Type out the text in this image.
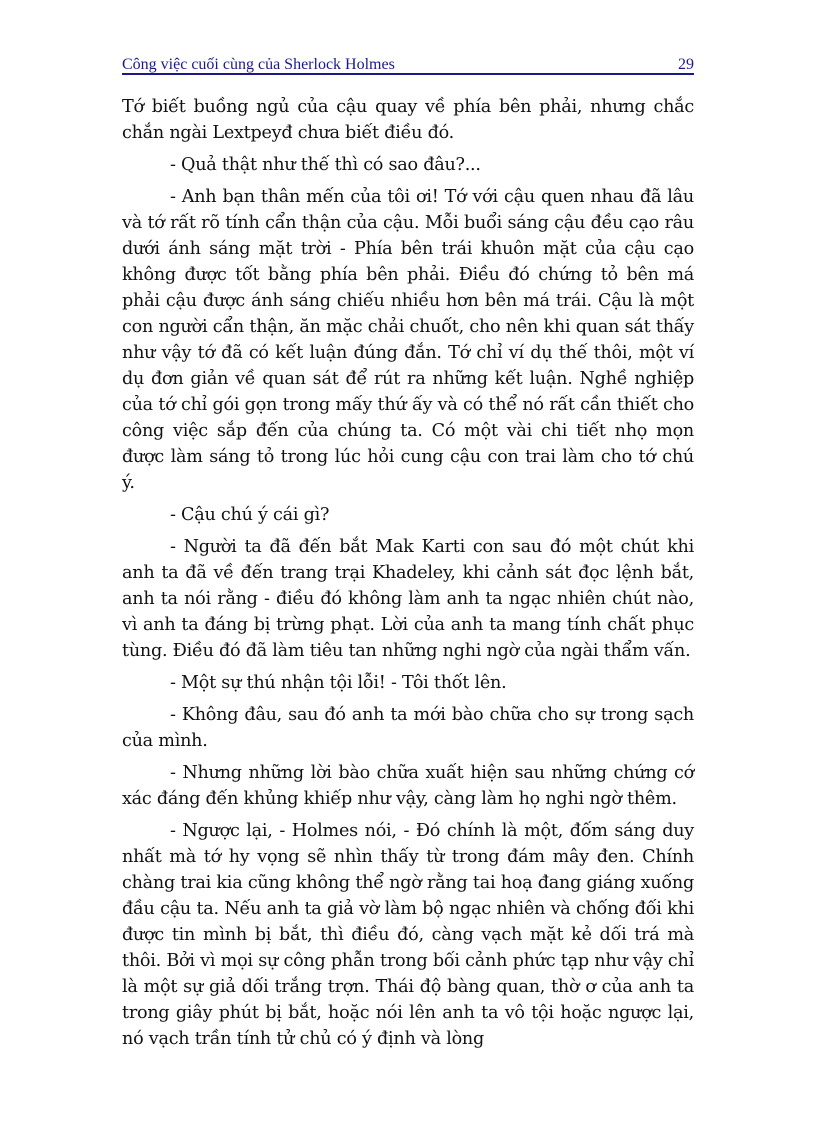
Công việc cuối cùng của Sherlock Holmes	29

Tớ biết buồng ngủ của cậu quay về phía bên phải, nhưng chắc chắn ngài Lextpeyđ chưa biết điều đó.

- Quả thật như thế thì có sao đâu?...

- Anh bạn thân mến của tôi ơi! Tớ với cậu quen nhau đã lâu và tớ rất rõ tính cẩn thận của cậu. Mỗi buổi sáng cậu đều cạo râu dưới ánh sáng mặt trời - Phía bên trái khuôn mặt của cậu cạo không được tốt bằng phía bên phải. Điều đó chứng tỏ bên má phải cậu được ánh sáng chiếu nhiều hơn bên má trái. Cậu là một con người cẩn thận, ăn mặc chải chuốt, cho nên khi quan sát thấy như vậy tớ đã có kết luận đúng đắn. Tớ chỉ ví dụ thế thôi, một ví dụ đơn giản về quan sát để rút ra những kết luận. Nghề nghiệp của tớ chỉ gói gọn trong mấy thứ ấy và có thể nó rất cần thiết cho công việc sắp đến của chúng ta. Có một vài chi tiết nhọ mọn được làm sáng tỏ trong lúc hỏi cung cậu con trai làm cho tớ chú ý.

- Cậu chú ý cái gì?

- Người ta đã đến bắt Mak Karti con sau đó một chút khi anh ta đã về đến trang trại Khadeley, khi cảnh sát đọc lệnh bắt, anh ta nói rằng - điều đó không làm anh ta ngạc nhiên chút nào, vì anh ta đáng bị trừng phạt. Lời của anh ta mang tính chất phục tùng. Điều đó đã làm tiêu tan những nghi ngờ của ngài thẩm vấn.

- Một sự thú nhận tội lỗi! - Tôi thốt lên.

- Không đâu, sau đó anh ta mới bào chữa cho sự trong sạch của mình.

- Nhưng những lời bào chữa xuất hiện sau những chứng cớ xác đáng đến khủng khiếp như vậy, càng làm họ nghi ngờ thêm.

- Ngược lại, - Holmes nói, - Đó chính là một, đốm sáng duy nhất mà tớ hy vọng sẽ nhìn thấy từ trong đám mây đen. Chính chàng trai kia cũng không thể ngờ rằng tai hoạ đang giáng xuống đầu cậu ta. Nếu anh ta giả vờ làm bộ ngạc nhiên và chống đối khi được tin mình bị bắt, thì điều đó, càng vạch mặt kẻ dối trá mà thôi. Bởi vì mọi sự công phẫn trong bối cảnh phức tạp như vậy chỉ là một sự giả dối trắng trợn. Thái độ bàng quan, thờ ơ của anh ta trong giây phút bị bắt, hoặc nói lên anh ta vô tội hoặc ngược lại, nó vạch trần tính tử chủ có ý định và lòng
